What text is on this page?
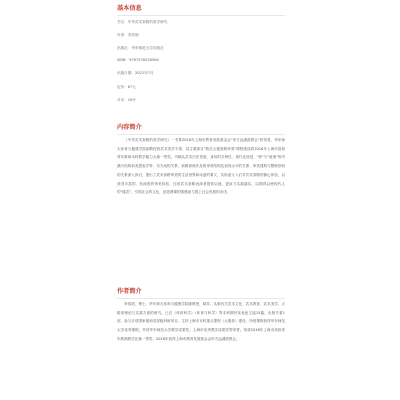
基本信息
书名：中华武术套路的美学研究
作者：李浩明
出版社：华东师范大学出版社
ISBN：9787576028564
出版日期：2022年7月
定价：6?元
开本：16开
内容简介

《中华武术套路的美学研究》一书系2018年上海市教育发展基金会"申方远湖派教会"获得者，华东师大体育与健康学院副教授的武术美学专著，其主要探讨"我武太极套路审美"课程建设的2016年上海市高校青年教师本科教学能力大赛一等奖。书稿从武术历史发展、身体的多种性、现代化转进、"势"与"意境"的内涵与结构和美感表学等、功夫间的关系、套路演练作品的审美结构及表现水平的关系、审美建构与整理剖析的关系深入探讨，提出了武术套路审美的生活世界和诗意的要义，实际意义入们对武术套路的静心体验，以获得丰富的、有深度的审美体验，还形武术套路表演者提供启迪，更致力实践落实，以期得以使现代人的"健武"，引领社会的文化，创造网课的情感而与提上社会发展的步伐。

作者简介

李浩明，博士，华东师大体育与健康学院副教授、硕导。从事有关武术文化、武术教育、武术美学、太极拳理论与实践方面的研究。已在《体育科学》《体育与科学》等本科期刊发表论文逾15篇，出版专著1部，参与多项国家级和省部级科研项目，主持上海市本科重点课程《太极拳》建设，所授课程获得华东师范大学优秀课程，并获华东师范大学教学成果奖、上海市优秀教学成果奖等荣誉。荣获2016年上海市高校青年教师教学比赛一等奖、2018年获得上海市教育发展基金会申方远湖派教会。
